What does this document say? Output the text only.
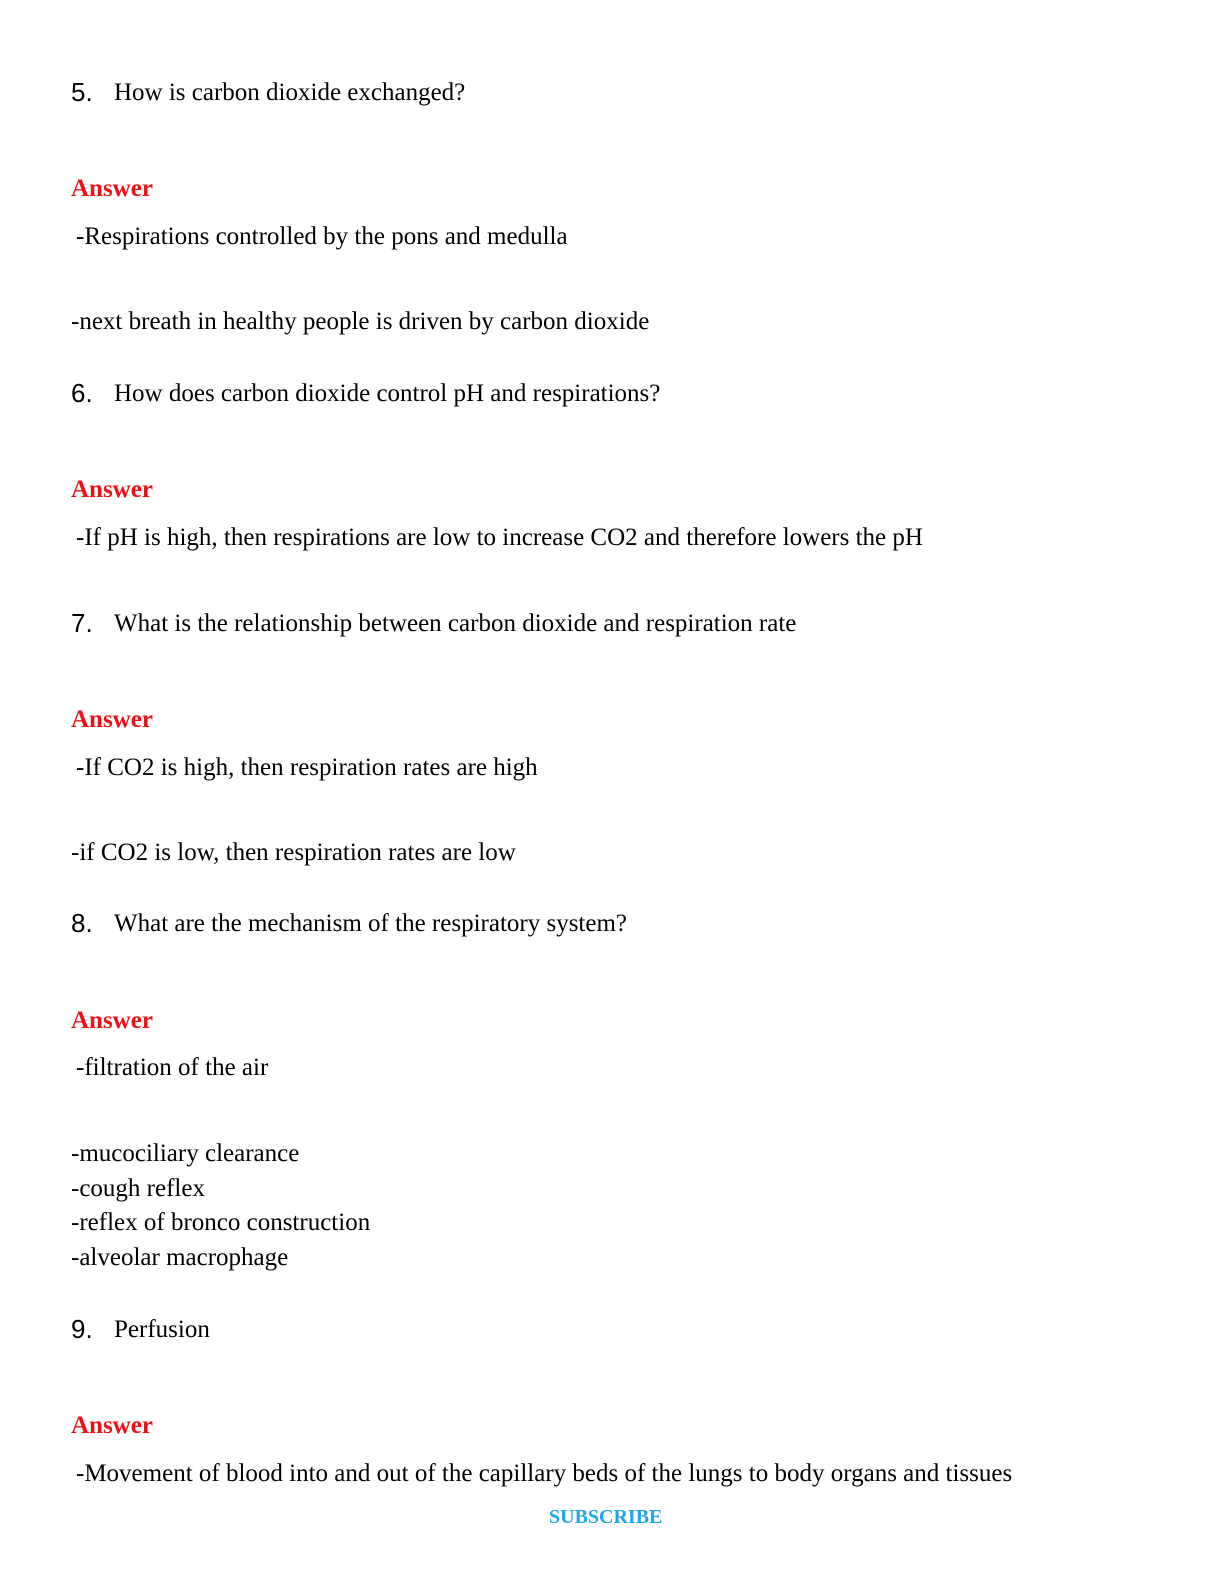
5. How is carbon dioxide exchanged?
Answer
-Respirations controlled by the pons and medulla
-next breath in healthy people is driven by carbon dioxide
6. How does carbon dioxide control pH and respirations?
Answer
-If pH is high, then respirations are low to increase CO2 and therefore lowers the pH
7. What is the relationship between carbon dioxide and respiration rate
Answer
-If CO2 is high, then respiration rates are high
-if CO2 is low, then respiration rates are low
8. What are the mechanism of the respiratory system?
Answer
-filtration of the air
-mucociliary clearance
-cough reflex
-reflex of bronco construction
-alveolar macrophage
9. Perfusion
Answer
-Movement of blood into and out of the capillary beds of the lungs to body organs and tissues
SUBSCRIBE
